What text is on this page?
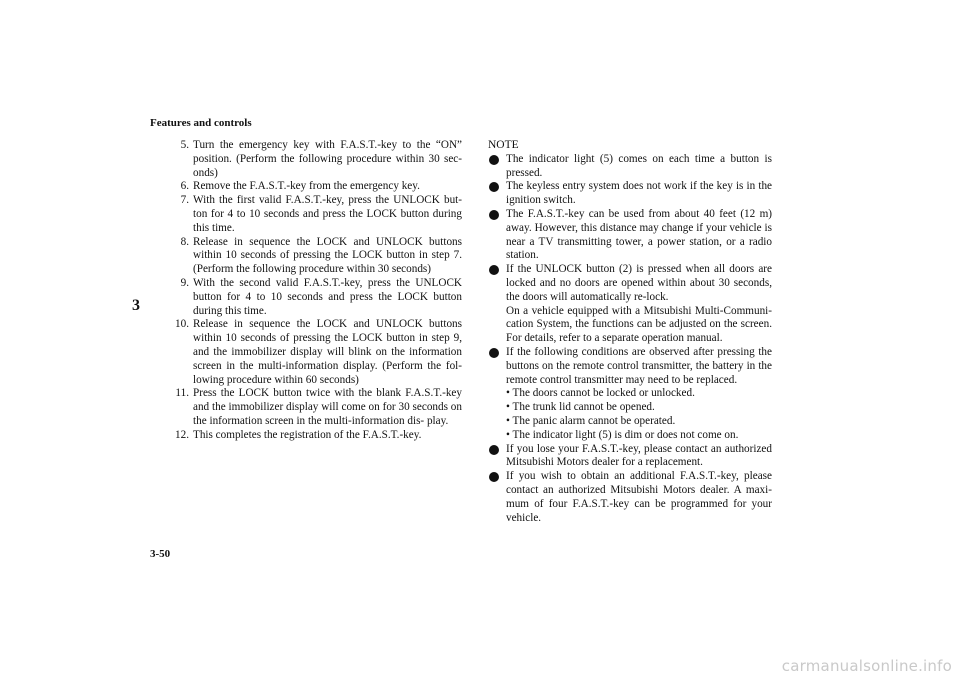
Features and controls
3
5. Turn the emergency key with F.A.S.T.-key to the “ON” position. (Perform the following procedure within 30 sec- onds)
6. Remove the F.A.S.T.-key from the emergency key.
7. With the first valid F.A.S.T.-key, press the UNLOCK but- ton for 4 to 10 seconds and press the LOCK button during this time.
8. Release in sequence the LOCK and UNLOCK buttons within 10 seconds of pressing the LOCK button in step 7. (Perform the following procedure within 30 seconds)
9. With the second valid F.A.S.T.-key, press the UNLOCK button for 4 to 10 seconds and press the LOCK button during this time.
10. Release in sequence the LOCK and UNLOCK buttons within 10 seconds of pressing the LOCK button in step 9, and the immobilizer display will blink on the information screen in the multi-information display. (Perform the fol- lowing procedure within 60 seconds)
11. Press the LOCK button twice with the blank F.A.S.T.-key and the immobilizer display will come on for 30 seconds on the information screen in the multi-information dis- play.
12. This completes the registration of the F.A.S.T.-key.
NOTE
The indicator light (5) comes on each time a button is pressed.
The keyless entry system does not work if the key is in the ignition switch.
The F.A.S.T.-key can be used from about 40 feet (12 m) away. However, this distance may change if your vehicle is near a TV transmitting tower, a power station, or a radio station.
If the UNLOCK button (2) is pressed when all doors are locked and no doors are opened within about 30 seconds, the doors will automatically re-lock.
On a vehicle equipped with a Mitsubishi Multi-Communi- cation System, the functions can be adjusted on the screen. For details, refer to a separate operation manual.
If the following conditions are observed after pressing the buttons on the remote control transmitter, the battery in the remote control transmitter may need to be replaced.
• The doors cannot be locked or unlocked.
• The trunk lid cannot be opened.
• The panic alarm cannot be operated.
• The indicator light (5) is dim or does not come on.
If you lose your F.A.S.T.-key, please contact an authorized Mitsubishi Motors dealer for a replacement.
If you wish to obtain an additional F.A.S.T.-key, please contact an authorized Mitsubishi Motors dealer. A maxi- mum of four F.A.S.T.-key can be programmed for your vehicle.
3-50
carmanualsonline.info
